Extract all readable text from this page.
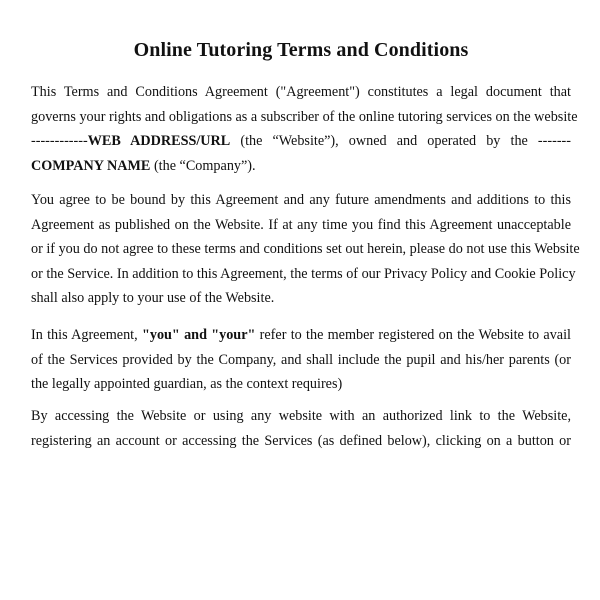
Online Tutoring Terms and Conditions
This Terms and Conditions Agreement ("Agreement") constitutes a legal document that
governs your rights and obligations as a subscriber of the online tutoring services on the website
------------WEB ADDRESS/URL (the “Website”), owned and operated by the -------
COMPANY NAME (the “Company”).
You agree to be bound by this Agreement and any future amendments and additions to this
Agreement as published on the Website. If at any time you find this Agreement unacceptable
or if you do not agree to these terms and conditions set out herein, please do not use this Website
or the Service. In addition to this Agreement, the terms of our Privacy Policy and Cookie Policy
shall also apply to your use of the Website.
In this Agreement, "you" and "your" refer to the member registered on the Website to avail
of the Services provided by the Company, and shall include the pupil and his/her parents (or
the legally appointed guardian, as the context requires)
By accessing the Website or using any website with an authorized link to the Website,
registering an account or accessing the Services (as defined below), clicking on a button or
